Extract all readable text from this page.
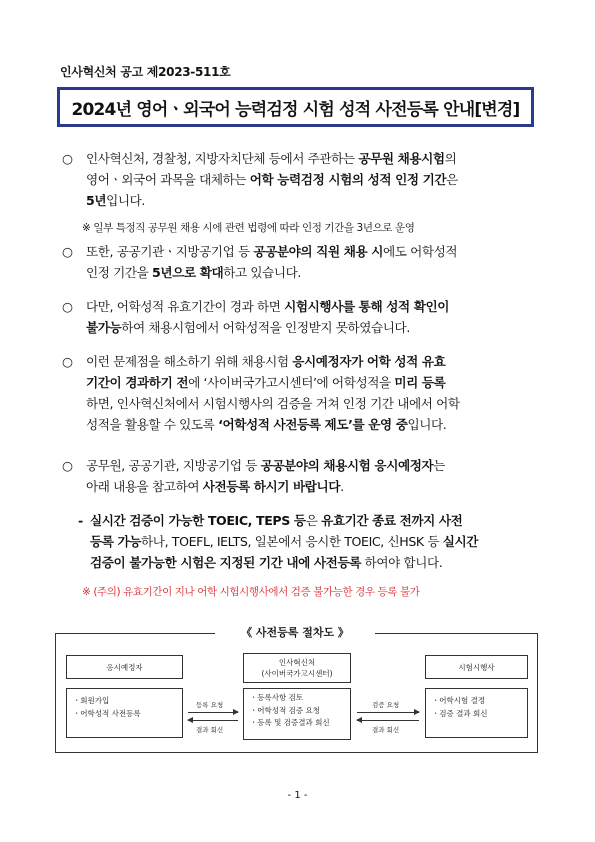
인사혁신처 공고 제2023-511호
2024년 영어ㆍ외국어 능력검정 시험 성적 사전등록 안내[변경]
○	인사혁신처, 경찰청, 지방자치단체 등에서 주관하는 공무원 채용시험의
영어ㆍ외국어 과목을 대체하는 어학 능력검정 시험의 성적 인정 기간은
5년입니다.
※ 일부 특정직 공무원 채용 시에 관련 법령에 따라 인정 기간을 3년으로 운영
○	또한, 공공기관ㆍ지방공기업 등 공공분야의 직원 채용 시에도 어학성적
인정 기간을 5년으로 확대하고 있습니다.
○	다만, 어학성적 유효기간이 경과 하면 시험시행사를 통해 성적 확인이
불가능하여 채용시험에서 어학성적을 인정받지 못하였습니다.
○	이런 문제점을 해소하기 위해 채용시험 응시예정자가 어학 성적 유효
기간이 경과하기 전에 ‘사이버국가고시센터’에 어학성적을 미리 등록
하면, 인사혁신처에서 시험시행사의 검증을 거쳐 인정 기간 내에서 어학
성적을 활용할 수 있도록 ‘어학성적 사전등록 제도’를 운영 중입니다.
○	공무원, 공공기관, 지방공기업 등 공공분야의 채용시험 응시예정자는
아래 내용을 참고하여 사전등록 하시기 바랍니다.
- 실시간 검증이 가능한 TOEIC, TEPS 등은 유효기간 종료 전까지 사전
등록 가능하나, TOEFL, IELTS, 일본에서 응시한 TOEIC, 신HSK 등 실시간
검증이 불가능한 시험은 지정된 기간 내에 사전등록 하여야 합니다.
※ (주의) 유효기간이 지나 어학 시험시행사에서 검증 불가능한 경우 등록 불가
《 사전등록 절차도 》
응시예정자
ㆍ회원가입
ㆍ어학성적 사전등록
인사혁신처
(사이버국가고시센터)
ㆍ등록사항 검토
ㆍ어학성적 검증 요청
ㆍ등록 및 검증결과 회신
시험시행사
ㆍ어학시험 결정
ㆍ검증 결과 회신
등록 요청
결과 회신
검증 요청
결과 회신
- 1 -
